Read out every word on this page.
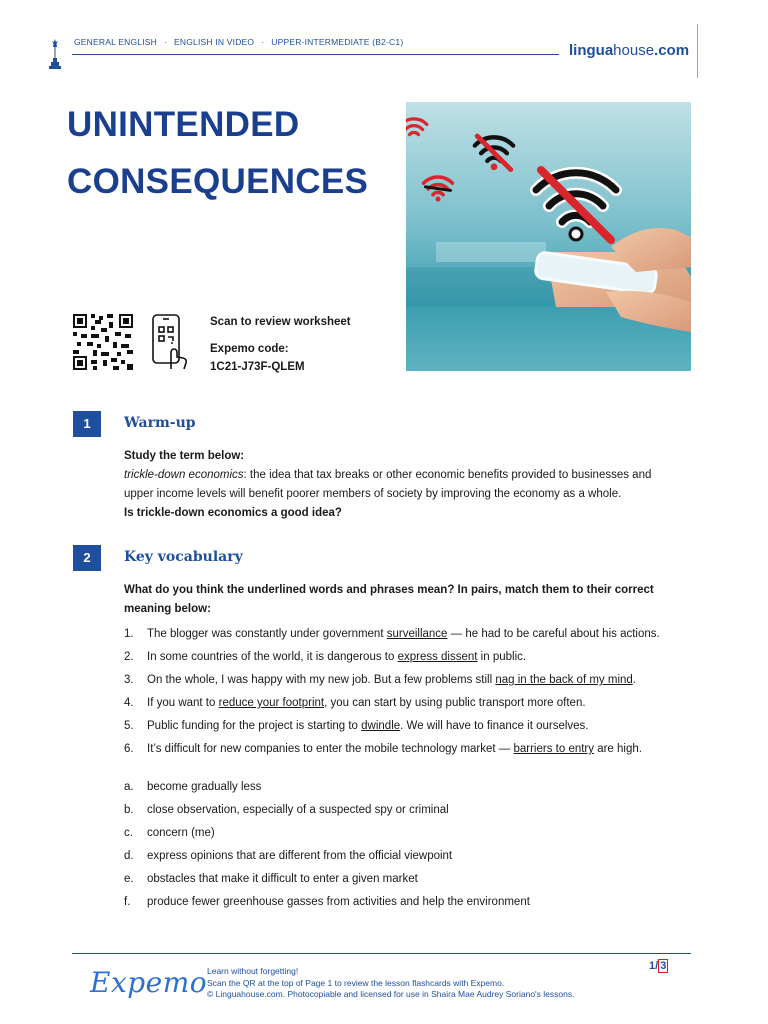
GENERAL ENGLISH · ENGLISH IN VIDEO · UPPER-INTERMEDIATE (B2-C1)	linguahouse.com
UNINTENDED
CONSEQUENCES
Scan to review worksheet
Expemo code:
1C21-J73F-QLEM
1	Warm-up
Study the term below:
trickle-down economics: the idea that tax breaks or other economic benefits provided to businesses and
upper income levels will benefit poorer members of society by improving the economy as a whole.
Is trickle-down economics a good idea?
2	Key vocabulary
What do you think the underlined words and phrases mean? In pairs, match them to their correct
meaning below:
1. The blogger was constantly under government surveillance — he had to be careful about his actions.
2. In some countries of the world, it is dangerous to express dissent in public.
3. On the whole, I was happy with my new job. But a few problems still nag in the back of my mind.
4. If you want to reduce your footprint, you can start by using public transport more often.
5. Public funding for the project is starting to dwindle. We will have to finance it ourselves.
6. It’s difficult for new companies to enter the mobile technology market — barriers to entry are high.
a. become gradually less
b. close observation, especially of a suspected spy or criminal
c. concern (me)
d. express opinions that are different from the official viewpoint
e. obstacles that make it difficult to enter a given market
f. produce fewer greenhouse gasses from activities and help the environment
Expemo Learn without forgetting!
Scan the QR at the top of Page 1 to review the lesson flashcards with Expemo.
© Linguahouse.com. Photocopiable and licensed for use in Shaira Mae Audrey Soriano's lessons.
1/ 3
